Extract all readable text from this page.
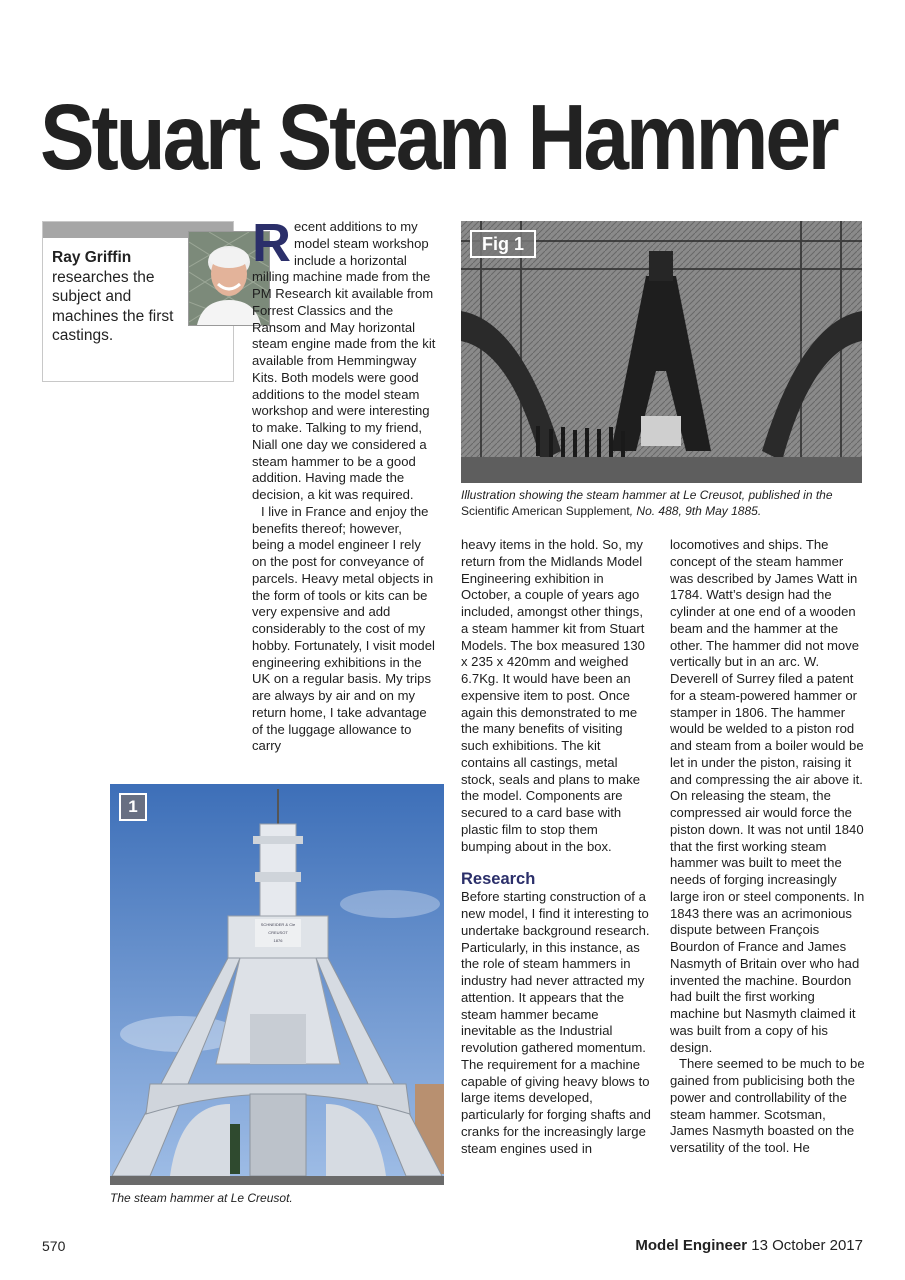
Stuart Steam Hammer
Ray Griffin
researches the subject and machines the first castings.
R ecent additions to my model steam workshop include a horizontal milling machine made from the PM Research kit available from Forrest Classics and the Ransom and May horizontal steam engine made from the kit available from Hemmingway Kits. Both models were good additions to the model steam workshop and were interesting to make. Talking to my friend, Niall one day we considered a steam hammer to be a good addition. Having made the decision, a kit was required.

I live in France and enjoy the benefits thereof; however, being a model engineer I rely on the post for conveyance of parcels. Heavy metal objects in the form of tools or kits can be very expensive and add considerably to the cost of my hobby. Fortunately, I visit model engineering exhibitions in the UK on a regular basis. My trips are always by air and on my return home, I take advantage of the luggage allowance to carry

Fig 1
Illustration showing the steam hammer at Le Creusot, published in the Scientific American Supplement, No. 488, 9th May 1885.

heavy items in the hold. So, my return from the Midlands Model Engineering exhibition in October, a couple of years ago included, amongst other things, a steam hammer kit from Stuart Models. The box measured 130 x 235 x 420mm and weighed 6.7Kg. It would have been an expensive item to post. Once again this demonstrated to me the many benefits of visiting such exhibitions. The kit contains all castings, metal stock, seals and plans to make the model. Components are secured to a card base with plastic film to stop them bumping about in the box.

Research

Before starting construction of a new model, I find it interesting to undertake background research. Particularly, in this instance, as the role of steam hammers in industry had never attracted my attention. It appears that the steam hammer became inevitable as the Industrial revolution gathered momentum. The requirement for a machine capable of giving heavy blows to large items developed, particularly for forging shafts and cranks for the increasingly large steam engines used in

locomotives and ships. The concept of the steam hammer was described by James Watt in 1784. Watt’s design had the cylinder at one end of a wooden beam and the hammer at the other. The hammer did not move vertically but in an arc. W. Deverell of Surrey filed a patent for a steam-powered hammer or stamper in 1806. The hammer would be welded to a piston rod and steam from a boiler would be let in under the piston, raising it and compressing the air above it. On releasing the steam, the compressed air would force the piston down. It was not until 1840 that the first working steam hammer was built to meet the needs of forging increasingly large iron or steel components. In 1843 there was an acrimonious dispute between François Bourdon of France and James Nasmyth of Britain over who had invented the machine. Bourdon had built the first working machine but Nasmyth claimed it was built from a copy of his design.

There seemed to be much to be gained from publicising both the power and controllability of the steam hammer. Scotsman, James Nasmyth boasted on the versatility of the tool. He

SCHNEIDER & Cie
CREUSOT
1876
1
The steam hammer at Le Creusot.
570	Model Engineer 13 October 2017
